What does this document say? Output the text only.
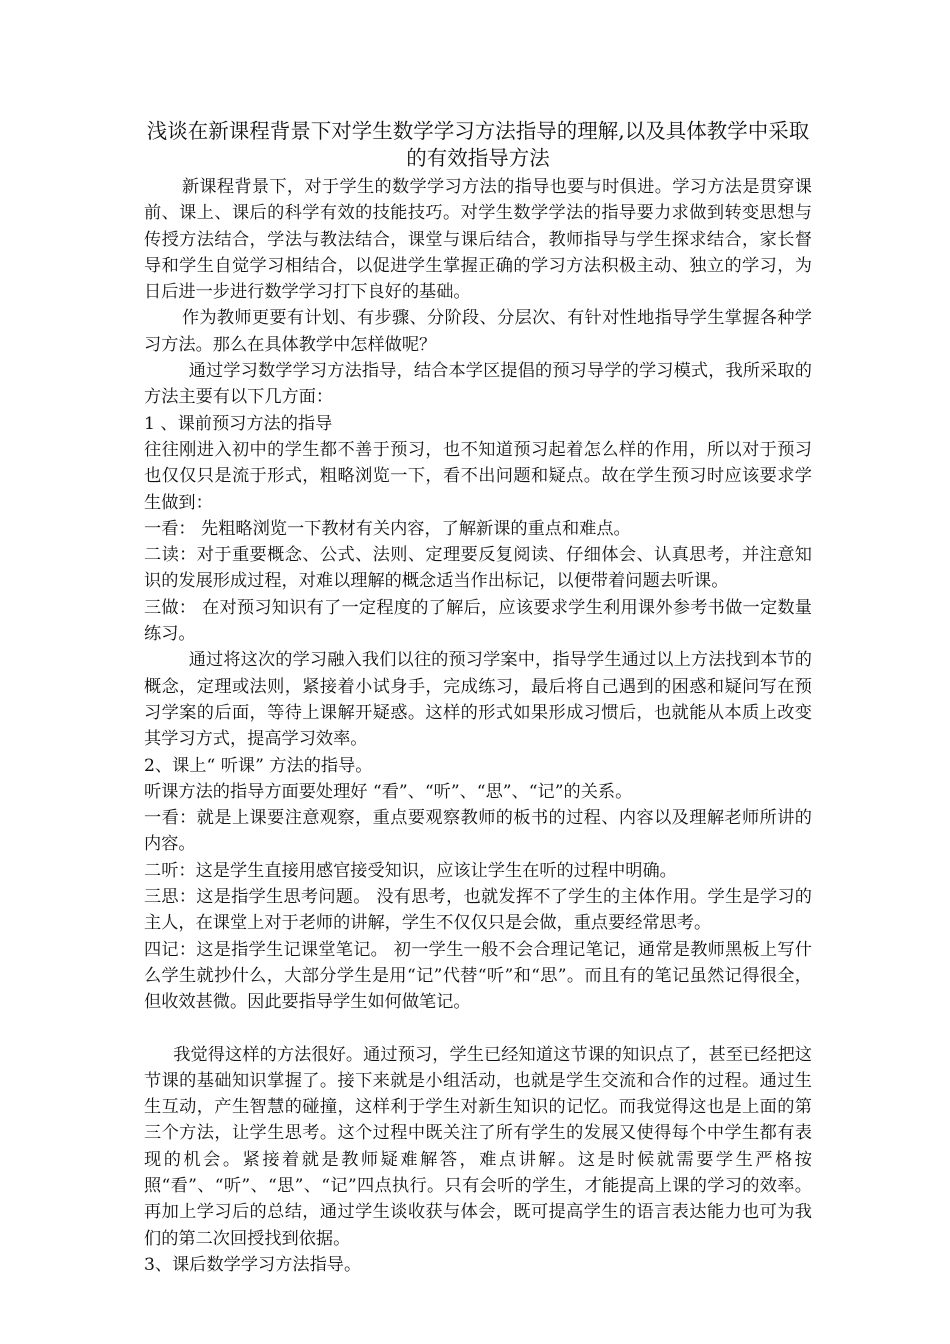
浅谈在新课程背景下对学生数学学习方法指导的理解,以及具体教学中采取的有效指导方法

新课程背景下，对于学生的数学学习方法的指导也要与时俱进。学习方法是贯穿课前、课上、课后的科学有效的技能技巧。对学生数学学法的指导要力求做到转变思想与传授方法结合，学法与教法结合，课堂与课后结合，教师指导与学生探求结合，家长督导和学生自觉学习相结合，以促进学生掌握正确的学习方法积极主动、独立的学习，为日后进一步进行数学学习打下良好的基础。

作为教师更要有计划、有步骤、分阶段、分层次、有针对性地指导学生掌握各种学习方法。那么在具体教学中怎样做呢？

通过学习数学学习方法指导，结合本学区提倡的预习导学的学习模式，我所采取的方法主要有以下几方面：

1 、课前预习方法的指导

往往刚进入初中的学生都不善于预习，也不知道预习起着怎么样的作用，所以对于预习也仅仅只是流于形式，粗略浏览一下，看不出问题和疑点。故在学生预习时应该要求学生做到：

一看： 先粗略浏览一下教材有关内容，了解新课的重点和难点。

二读：对于重要概念、公式、法则、定理要反复阅读、仔细体会、认真思考，并注意知识的发展形成过程，对难以理解的概念适当作出标记，以便带着问题去听课。

三做： 在对预习知识有了一定程度的了解后，应该要求学生利用课外参考书做一定数量练习。

通过将这次的学习融入我们以往的预习学案中，指导学生通过以上方法找到本节的概念，定理或法则，紧接着小试身手，完成练习，最后将自己遇到的困惑和疑问写在预习学案的后面，等待上课解开疑惑。这样的形式如果形成习惯后，也就能从本质上改变其学习方式，提高学习效率。

2、课上“ 听课” 方法的指导。

听课方法的指导方面要处理好 “看”、“听”、“思”、“记”的关系。

一看：就是上课要注意观察，重点要观察教师的板书的过程、内容以及理解老师所讲的内容。

二听：这是学生直接用感官接受知识，应该让学生在听的过程中明确。

三思：这是指学生思考问题。 没有思考，也就发挥不了学生的主体作用。学生是学习的主人，在课堂上对于老师的讲解，学生不仅仅只是会做，重点要经常思考。

四记：这是指学生记课堂笔记。 初一学生一般不会合理记笔记，通常是教师黑板上写什么学生就抄什么，大部分学生是用“记”代替“听”和“思”。而且有的笔记虽然记得很全，但收效甚微。因此要指导学生如何做笔记。

我觉得这样的方法很好。通过预习，学生已经知道这节课的知识点了，甚至已经把这节课的基础知识掌握了。接下来就是小组活动，也就是学生交流和合作的过程。通过生生互动，产生智慧的碰撞，这样利于学生对新生知识的记忆。而我觉得这也是上面的第三个方法，让学生思考。这个过程中既关注了所有学生的发展又使得每个中学生都有表现的机会。紧接着就是教师疑难解答，难点讲解。这是时候就需要学生严格按照“看”、“听”、“思”、“记”四点执行。只有会听的学生，才能提高上课的学习的效率。再加上学习后的总结，通过学生谈收获与体会，既可提高学生的语言表达能力也可为我们的第二次回授找到依据。

3、课后数学学习方法指导。
